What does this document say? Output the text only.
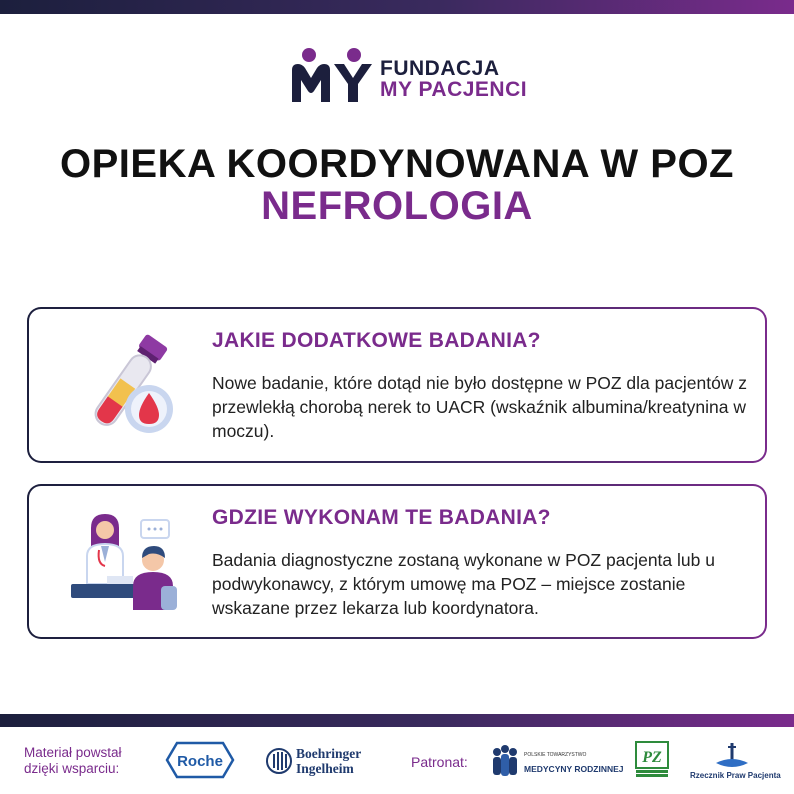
FUNDACJA
MY PACJENCI
OPIEKA KOORDYNOWANA W POZ
NEFROLOGIA
JAKIE DODATKOWE BADANIA?
Nowe badanie, które dotąd nie było dostępne w POZ dla pacjentów z przewlekłą chorobą nerek to UACR (wskaźnik albumina/kreatynina w moczu).
GDZIE WYKONAM TE BADANIA?
Badania diagnostyczne zostaną wykonane w POZ pacjenta lub u podwykonawcy, z którym umowę ma POZ – miejsce zostanie wskazane przez lekarza lub koordynatora.
Materiał powstał
dzięki wsparciu:	Roche	Boehringer
Ingelheim	Patronat:	POLSKIE TOWARZYSTWO
MEDYCYNY RODZINNEJ
PZ
Rzecznik Praw Pacjenta
